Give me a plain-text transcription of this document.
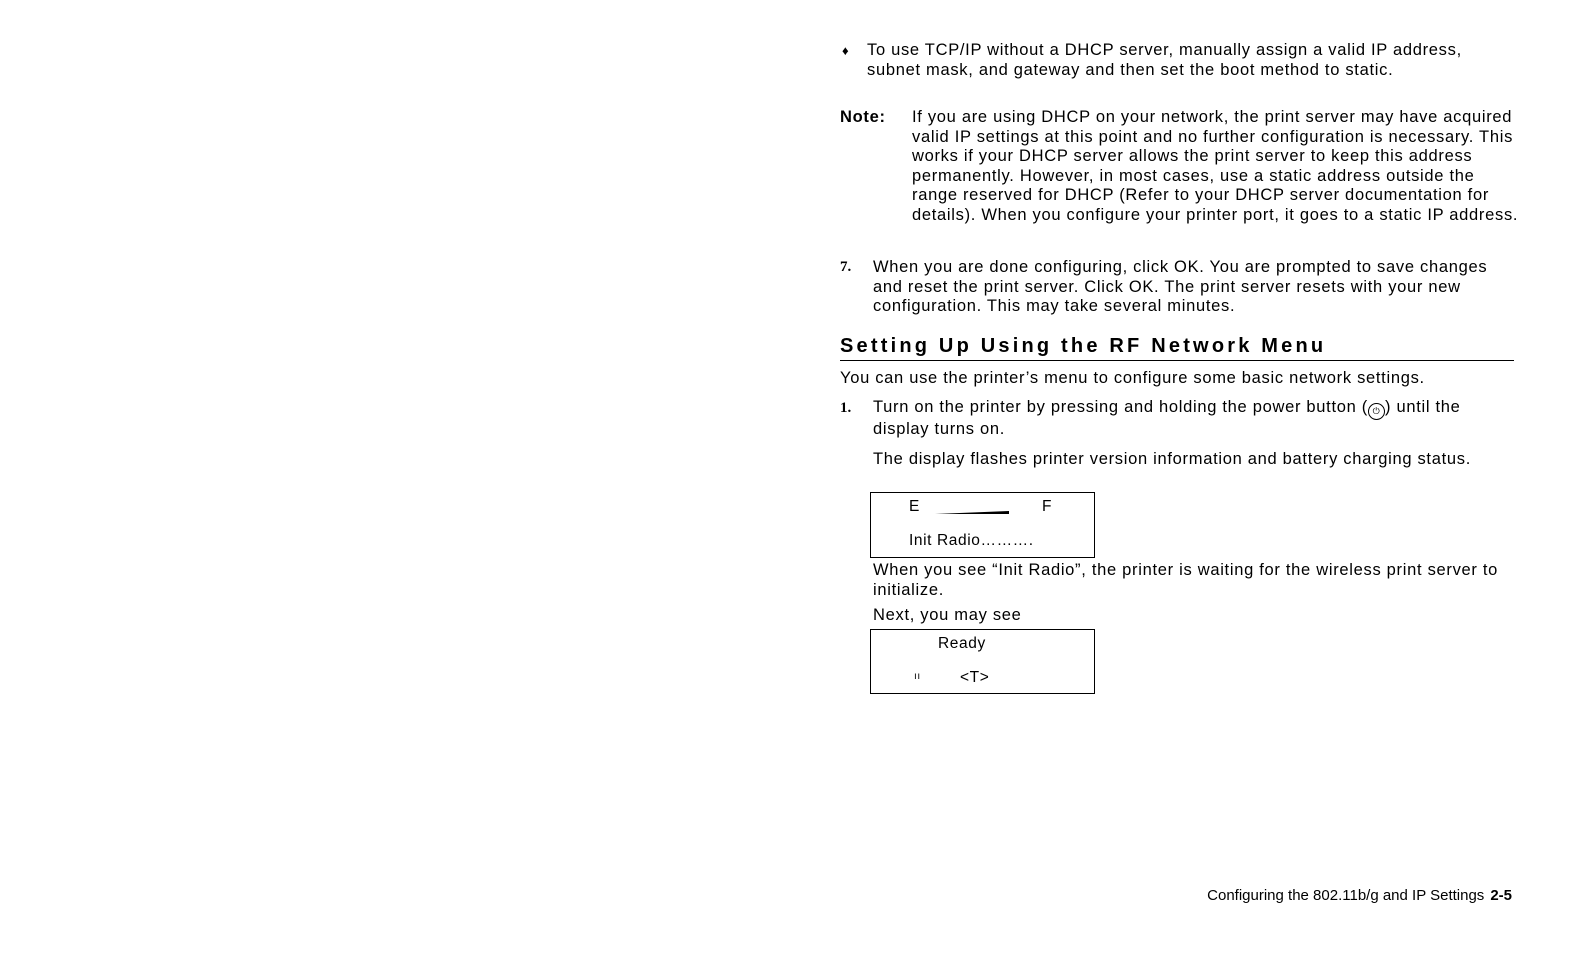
♦ To use TCP/IP without a DHCP server, manually assign a valid IP address, subnet mask, and gateway and then set the boot method to static.

Note: If you are using DHCP on your network, the print server may have acquired valid IP settings at this point and no further configuration is necessary. This works if your DHCP server allows the print server to keep this address permanently. However, in most cases, use a static address outside the range reserved for DHCP (Refer to your DHCP server documentation for details). When you configure your printer port, it goes to a static IP address.

7. When you are done configuring, click OK. You are prompted to save changes and reset the print server. Click OK. The print server resets with your new configuration. This may take several minutes.

Setting Up Using the RF Network Menu

You can use the printer’s menu to configure some basic network settings.

1. Turn on the printer by pressing and holding the power button ( ⏻ ) until the display turns on.

The display flashes printer version information and battery charging status.

E	F
Init Radio……….

When you see “Init Radio”, the printer is waiting for the wireless print server to initialize.

Next, you may see

Ready
ıı	<T>
Configuring the 802.11b/g and IP Settings 2-5
